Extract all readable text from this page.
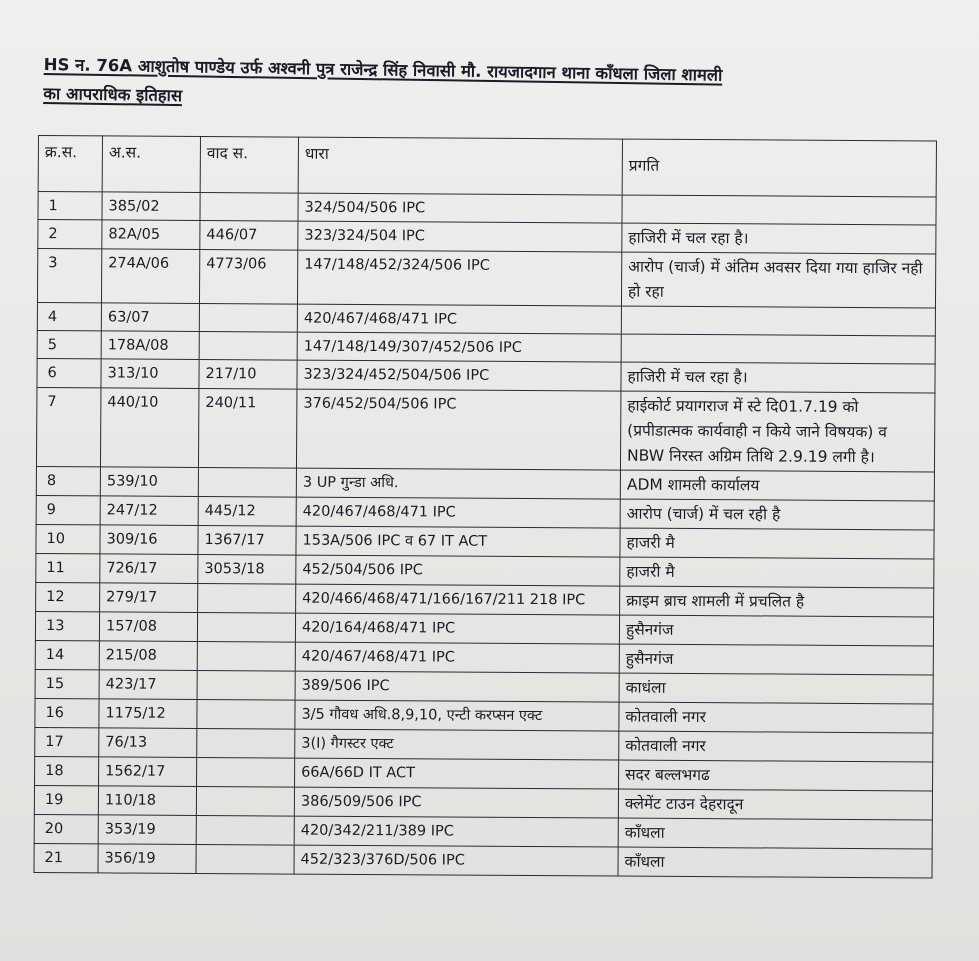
HS न. 76A आशुतोष पाण्डेय उर्फ अश्वनी पुत्र राजेन्द्र सिंह निवासी मौ. रायजादगान थाना काँधला जिला शामली
का आपराधिक इतिहास
क्र.स.	अ.स.	वाद स.	धारा	प्रगति
1	385/02		324/504/506 IPC	
2	82A/05	446/07	323/324/504 IPC	हाजिरी में चल रहा है।
3	274A/06	4773/06	147/148/452/324/506 IPC	आरोप (चार्ज) में अंतिम अवसर दिया गया हाजिर नही हो रहा
4	63/07		420/467/468/471 IPC	
5	178A/08		147/148/149/307/452/506 IPC	
6	313/10	217/10	323/324/452/504/506 IPC	हाजिरी में चल रहा है।
7	440/10	240/11	376/452/504/506 IPC	हाईकोर्ट प्रयागराज में स्टे दि01.7.19 को (प्रपीडात्मक कार्यवाही न किये जाने विषयक) व NBW निरस्त अग्रिम तिथि 2.9.19 लगी है।
8	539/10		3 UP गुन्डा अधि.	ADM शामली कार्यालय
9	247/12	445/12	420/467/468/471 IPC	आरोप (चार्ज) में चल रही है
10	309/16	1367/17	153A/506 IPC व 67 IT ACT	हाजरी मै
11	726/17	3053/18	452/504/506 IPC	हाजरी मै
12	279/17		420/466/468/471/166/167/211 218 IPC	क्राइम ब्राच शामली में प्रचलित है
13	157/08		420/164/468/471 IPC	हुसैनगंज
14	215/08		420/467/468/471 IPC	हुसैनगंज
15	423/17		389/506 IPC	काधंला
16	1175/12		3/5 गौवध अधि.8,9,10, एन्टी करप्सन एक्ट	कोतवाली नगर
17	76/13		3(I) गैगस्टर एक्ट	कोतवाली नगर
18	1562/17		66A/66D IT ACT	सदर बल्लभगढ
19	110/18		386/509/506 IPC	क्लेमेंट टाउन देहरादून
20	353/19		420/342/211/389 IPC	काँधला
21	356/19		452/323/376D/506 IPC	काँधला
